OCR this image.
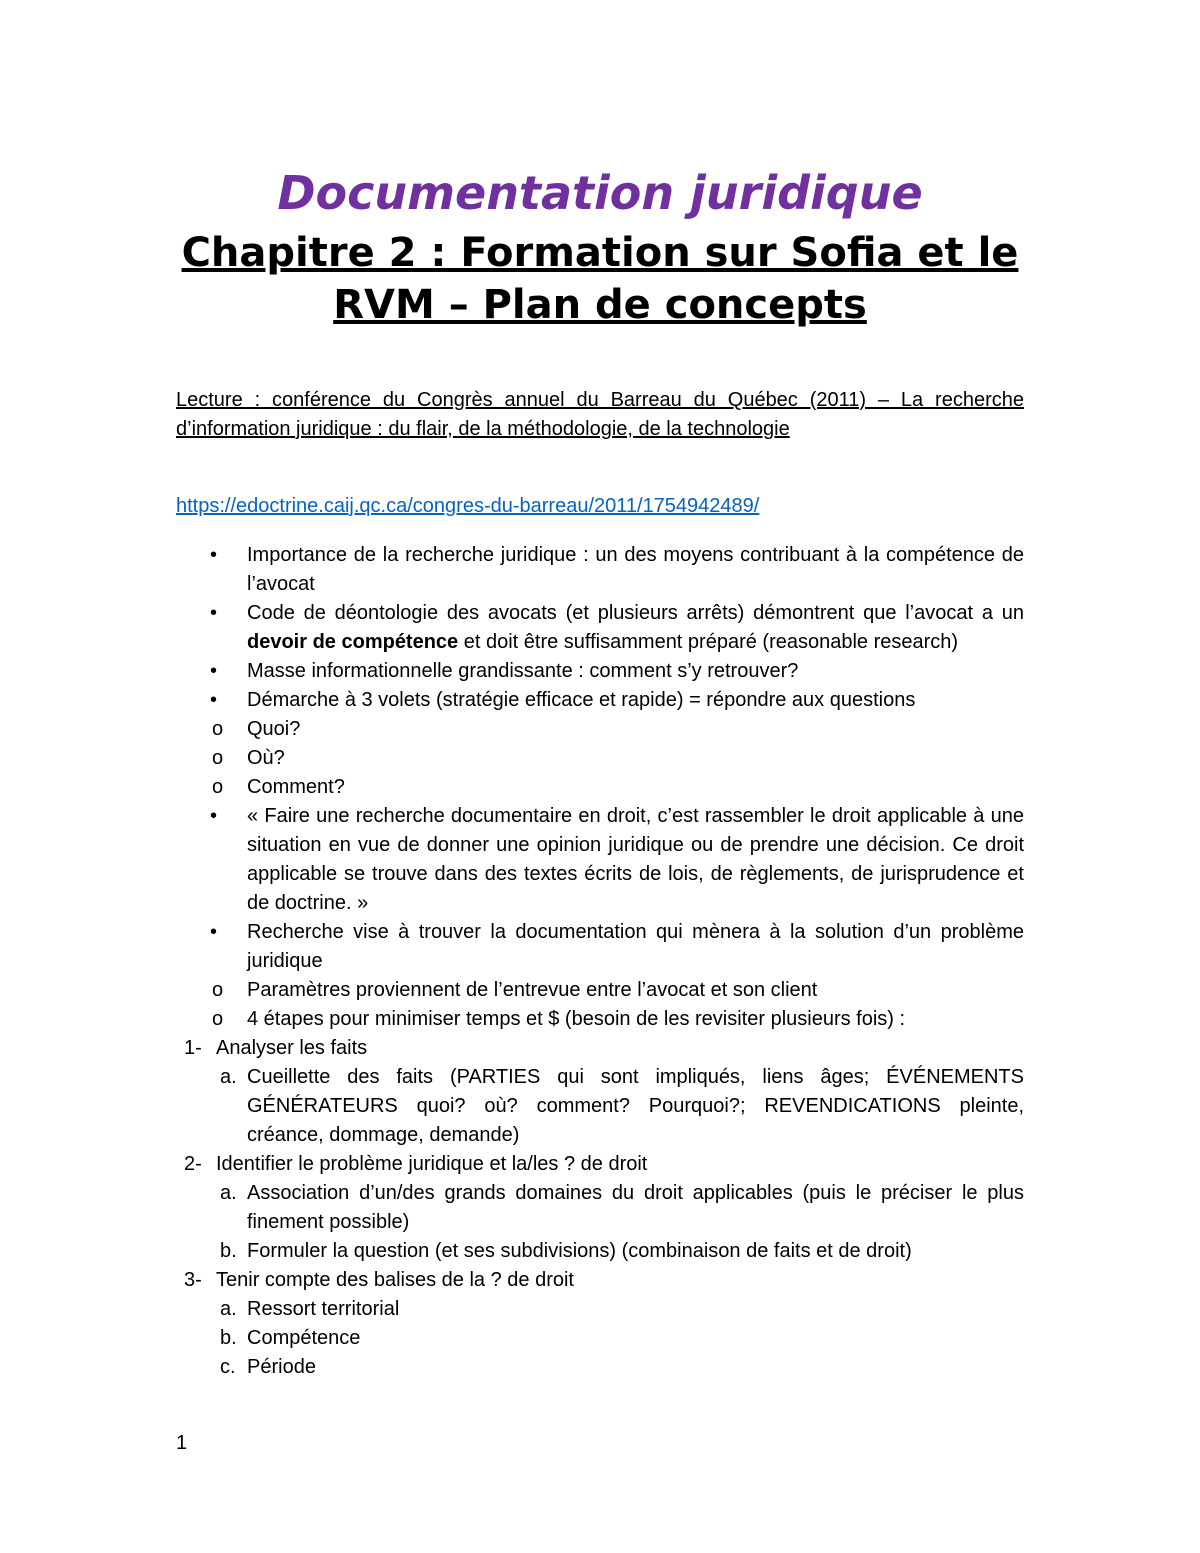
Documentation juridique
Chapitre 2 : Formation sur Sofia et le RVM – Plan de concepts

Lecture : conférence du Congrès annuel du Barreau du Québec (2011) – La recherche d’information juridique : du flair, de la méthodologie, de la technologie

https://edoctrine.caij.qc.ca/congres-du-barreau/2011/1754942489/

• Importance de la recherche juridique : un des moyens contribuant à la compétence de l’avocat
• Code de déontologie des avocats (et plusieurs arrêts) démontrent que l’avocat a un devoir de compétence et doit être suffisamment préparé (reasonable research)
• Masse informationnelle grandissante : comment s’y retrouver?
• Démarche à 3 volets (stratégie efficace et rapide) = répondre aux questions
o Quoi?
o Où?
o Comment?
• « Faire une recherche documentaire en droit, c’est rassembler le droit applicable à une situation en vue de donner une opinion juridique ou de prendre une décision. Ce droit applicable se trouve dans des textes écrits de lois, de règlements, de jurisprudence et de doctrine. »
• Recherche vise à trouver la documentation qui mènera à la solution d’un problème juridique
o Paramètres proviennent de l’entrevue entre l’avocat et son client
o 4 étapes pour minimiser temps et $ (besoin de les revisiter plusieurs fois) :
1- Analyser les faits
a. Cueillette des faits (PARTIES qui sont impliqués, liens âges; ÉVÉNEMENTS GÉNÉRATEURS quoi? où? comment? Pourquoi?; REVENDICATIONS pleinte, créance, dommage, demande)
2- Identifier le problème juridique et la/les ? de droit
a. Association d’un/des grands domaines du droit applicables (puis le préciser le plus finement possible)
b. Formuler la question (et ses subdivisions) (combinaison de faits et de droit)
3- Tenir compte des balises de la ? de droit
a. Ressort territorial
b. Compétence
c. Période

1
